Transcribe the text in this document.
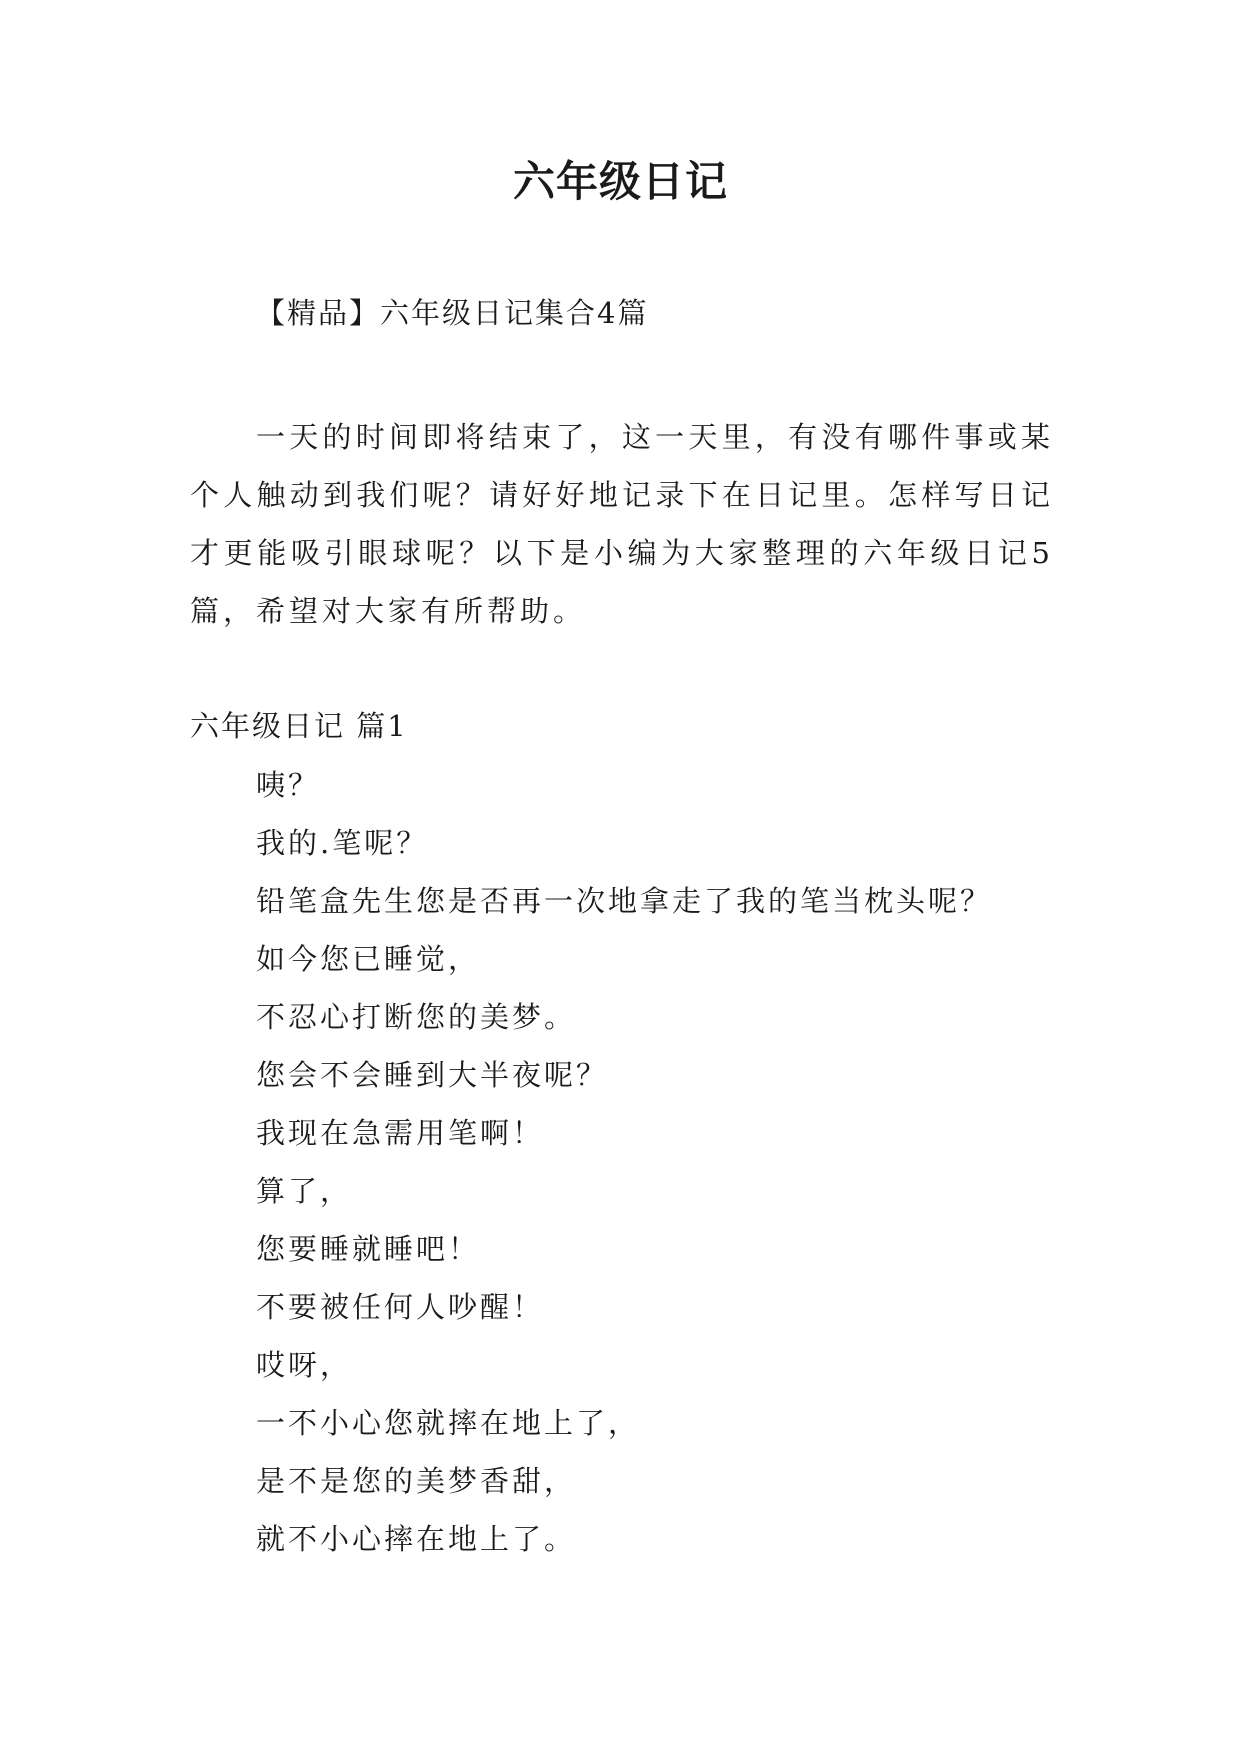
六年级日记
【精品】六年级日记集合4篇
一天的时间即将结束了，这一天里，有没有哪件事或某个人触动到我们呢？请好好地记录下在日记里。怎样写日记才更能吸引眼球呢？以下是小编为大家整理的六年级日记5篇，希望对大家有所帮助。
六年级日记 篇1
咦？
我的.笔呢？
铅笔盒先生您是否再一次地拿走了我的笔当枕头呢？
如今您已睡觉，
不忍心打断您的美梦。
您会不会睡到大半夜呢？
我现在急需用笔啊！
算了，
您要睡就睡吧！
不要被任何人吵醒！
哎呀，
一不小心您就摔在地上了，
是不是您的美梦香甜，
就不小心摔在地上了。
